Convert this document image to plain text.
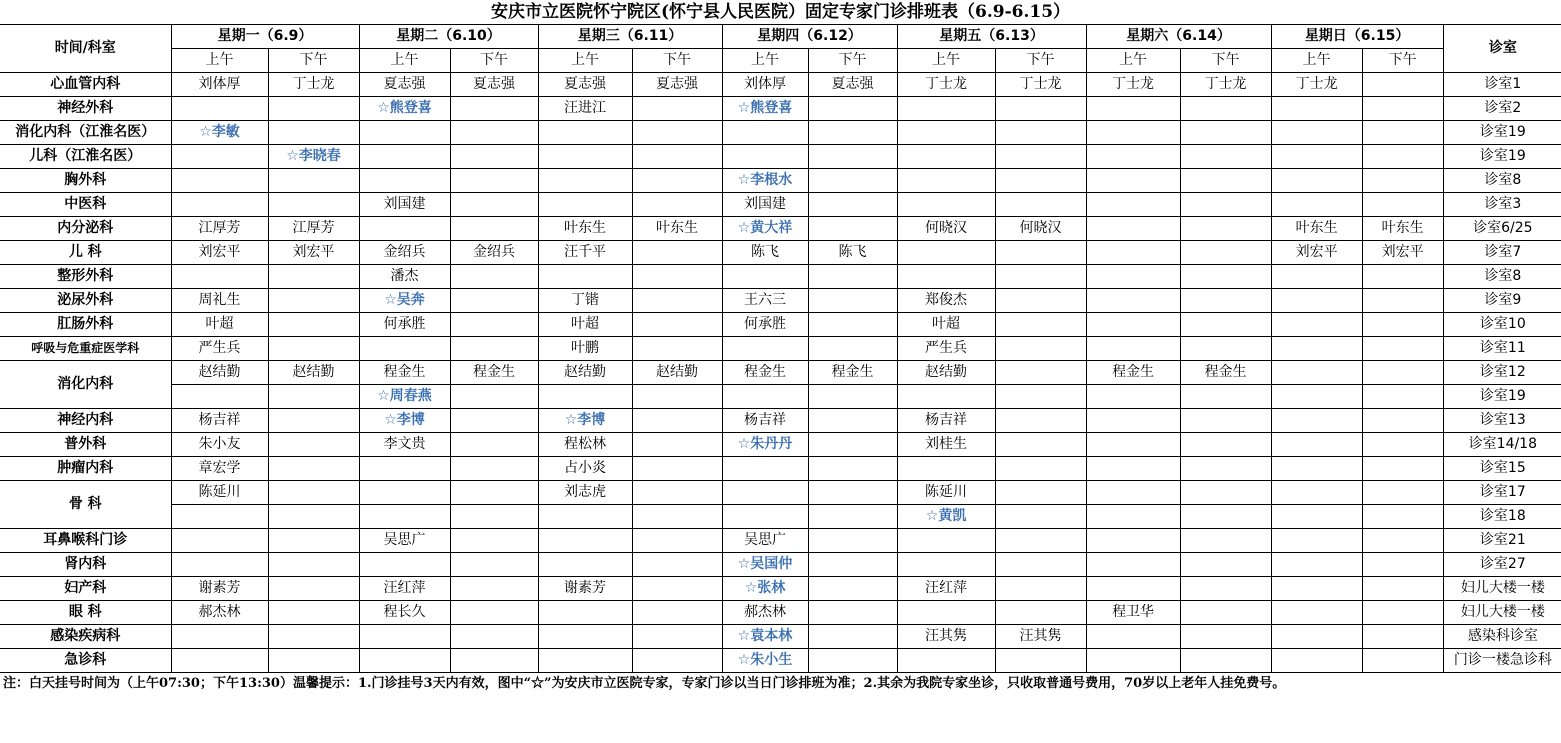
安庆市立医院怀宁院区(怀宁县人民医院）固定专家门诊排班表（6.9-6.15）
时间/科室	星期一（6.9）		星期二（6.10）		星期三（6.11）		星期四（6.12）		星期五（6.13）		星期六（6.14）		星期日（6.15）		诊室
	上午	下午	上午	下午	上午	下午	上午	下午	上午	下午	上午	下午	上午	下午	
心血管内科	刘体厚	丁士龙	夏志强	夏志强	夏志强	夏志强	刘体厚	夏志强	丁士龙	丁士龙	丁士龙	丁士龙	丁士龙		诊室1
神经外科			☆熊登喜		汪进江		☆熊登喜								诊室2
消化内科（江淮名医）	☆李敏														诊室19
儿科（江淮名医）		☆李晓春													诊室19
胸外科							☆李根水								诊室8
中医科			刘国建				刘国建								诊室3
内分泌科	江厚芳	江厚芳			叶东生	叶东生	☆黄大祥		何晓汉	何晓汉			叶东生	叶东生	诊室6/25
儿 科	刘宏平	刘宏平	金绍兵	金绍兵	汪千平		陈飞	陈飞					刘宏平	刘宏平	诊室7
整形外科			潘杰												诊室8
泌尿外科	周礼生		☆吴奔		丁锴		王六三		郑俊杰						诊室9
肛肠外科	叶超		何承胜		叶超		何承胜		叶超						诊室10
呼吸与危重症医学科	严生兵				叶鹏				严生兵						诊室11
消化内科	赵结勤	赵结勤	程金生	程金生	赵结勤	赵结勤	程金生	程金生	赵结勤		程金生	程金生			诊室12
			☆周春燕												诊室19
神经内科	杨吉祥		☆李博		☆李博		杨吉祥		杨吉祥						诊室13
普外科	朱小友		李文贵		程松林		☆朱丹丹		刘桂生						诊室14/18
肿瘤内科	章宏学				占小炎										诊室15
骨 科	陈延川				刘志虎				陈延川						诊室17
									☆黄凯						诊室18
耳鼻喉科门诊			吴思广				吴思广								诊室21
肾内科							☆吴国仲								诊室27
妇产科	谢素芳		汪红萍		谢素芳		☆张林		汪红萍						妇儿大楼一楼
眼 科	郝杰林		程长久				郝杰林				程卫华				妇儿大楼一楼
感染疾病科							☆袁本林		汪其隽	汪其隽					感染科诊室
急诊科							☆朱小生								门诊一楼急诊科
注：白天挂号时间为（上午07:30；下午13:30）温馨提示：1.门诊挂号3天内有效，图中“☆”为安庆市立医院专家，专家门诊以当日门诊排班为准；2.其余为我院专家坐诊，只收取普通号费用，70岁以上老年人挂免费号。
